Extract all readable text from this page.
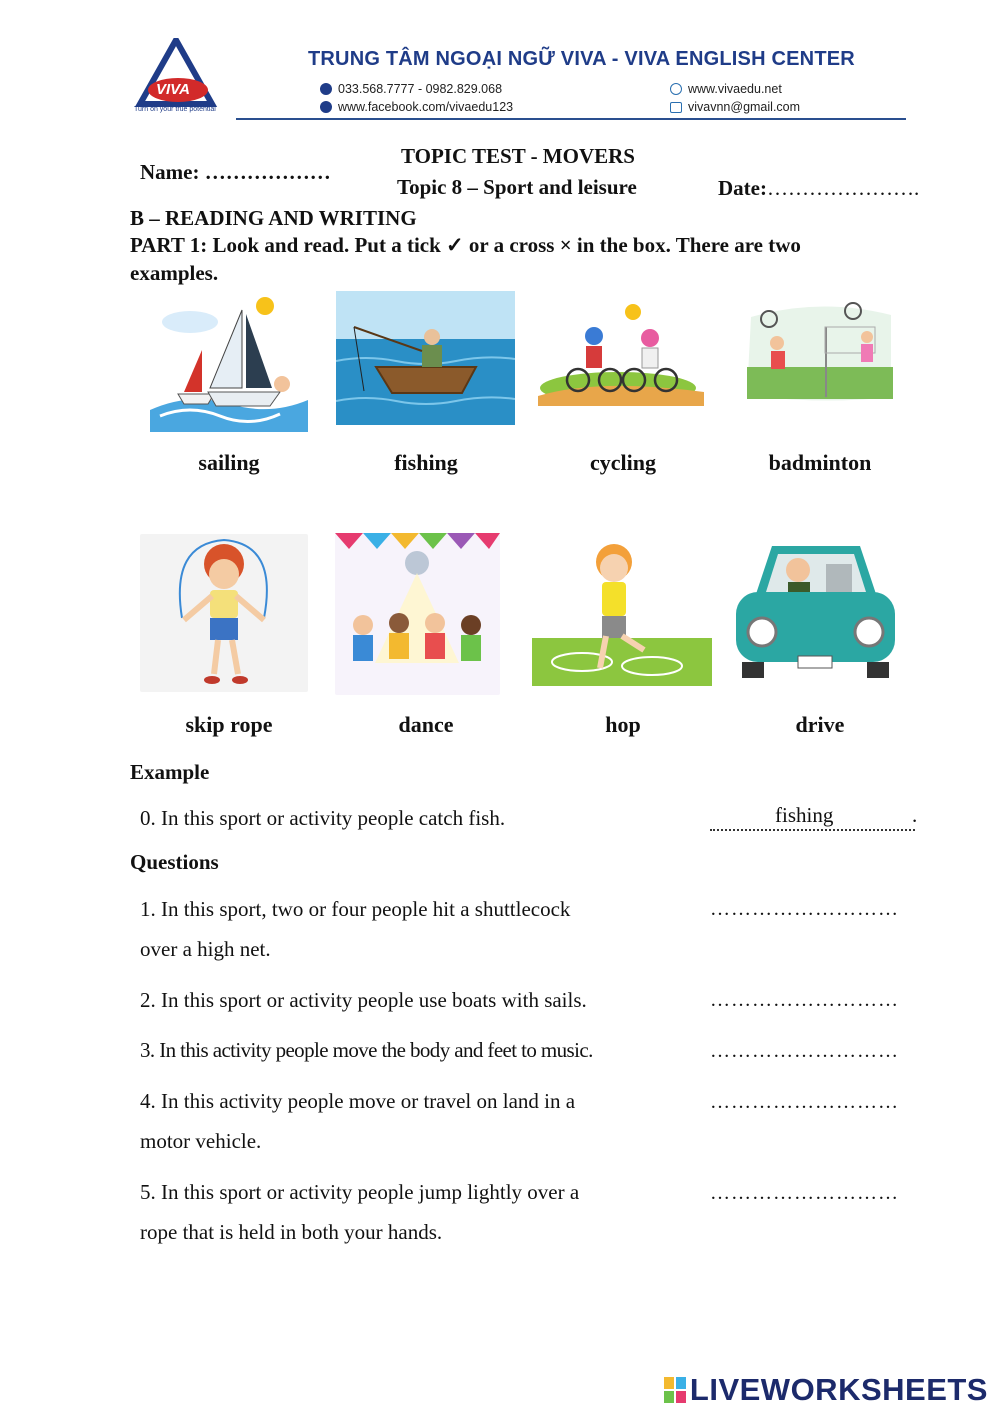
VIVA
Turn on your true potential
TRUNG TÂM NGOẠI NGỮ VIVA - VIVA ENGLISH CENTER
033.568.7777 - 0982.829.068
www.facebook.com/vivaedu123
www.vivaedu.net
vivavnn@gmail.com
Name: ………………
TOPIC TEST - MOVERS
Topic 8 – Sport and leisure	Date:………………….
B – READING AND WRITING
PART 1: Look and read. Put a tick ✓ or a cross × in the box. There are two
examples.
sailing	fishing	cycling	badminton
skip rope	dance	hop	drive
Example
0. In this sport or activity people catch fish.	fishing	.
Questions
1. In this sport, two or four people hit a shuttlecock
over a high net.
………………………
2. In this sport or activity people use boats with sails.	………………………
3. In this activity people move the body and feet to music.	………………………
4. In this activity people move or travel on land in a
motor vehicle.
………………………
5. In this sport or activity people jump lightly over a
rope that is held in both your hands.
………………………
LIVEWORKSHEETS
